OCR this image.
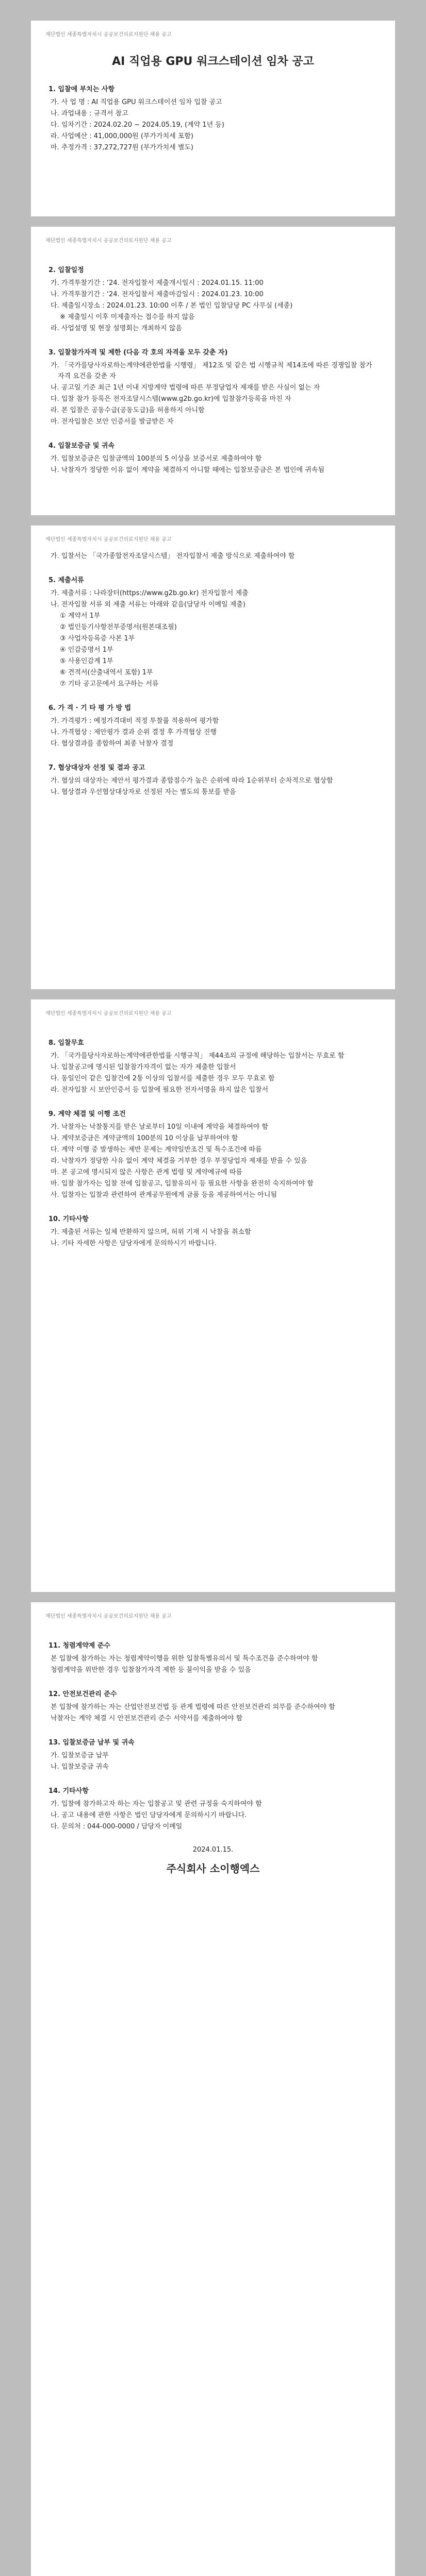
재단법인 세종특별자치시 공공보건의료지원단 채용 공고
AI 직업용 GPU 워크스테이션 임차 공고
1. 입찰에 부치는 사항
가. 사 업 명 : AI 직업용 GPU 워크스테이션 임차 입찰 공고
나. 과업내용 : 규격서 참고
다. 임차기간 : 2024.02.20 ~ 2024.05.19, (계약 1년 등)
라. 사업예산 : 41,000,000원 (부가가치세 포함)
마. 추정가격 : 37,272,727원 (부가가치세 별도)
재단법인 세종특별자치시 공공보건의료지원단 채용 공고
2. 입찰일정
가. 가격투찰기간 : ‘24. 전자입찰서 제출개시일시 : 2024.01.15. 11:00
나. 가격투찰기간 : ‘24. 전자입찰서 제출마감일시 : 2024.01.23. 10:00
다. 제출일시장소 : 2024.01.23. 10:00 이후 / 본 법인 입찰담당 PC 사무실 (세종)
※ 제출일시 이후 미제출자는 접수를 하지 않음
라. 사업설명 및 현장 설명회는 개최하지 않음
3. 입찰참가자격 및 제한 (다음 각 호의 자격을 모두 갖춘 자)
가. 「국가를당사자로하는계약에관한법률 시행령」 제12조 및 같은 법 시행규칙 제14조에 따른 경쟁입찰 참가자격 요건을 갖춘 자
나. 공고일 기준 최근 1년 이내 지방계약 법령에 따른 부정당업자 제재를 받은 사실이 없는 자
다. 입찰 참가 등록은 전자조달시스템(www.g2b.go.kr)에 입찰참가등록을 마친 자
라. 본 입찰은 공동수급(공동도급)을 허용하지 아니함
마. 전자입찰은 보안 인증서를 발급받은 자
4. 입찰보증금 및 귀속
가. 입찰보증금은 입찰금액의 100분의 5 이상을 보증서로 제출하여야 함
나. 낙찰자가 정당한 이유 없이 계약을 체결하지 아니할 때에는 입찰보증금은 본 법인에 귀속됨
재단법인 세종특별자치시 공공보건의료지원단 채용 공고
가. 입찰서는 「국가종합전자조달시스템」 전자입찰서 제출 방식으로 제출하여야 함
5. 제출서류
가. 제출서류 : 나라장터(https://www.g2b.go.kr) 전자입찰서 제출
나. 전자입찰 서류 외 제출 서류는 아래와 같음(담당자 이메일 제출)
① 계약서 1부
② 법인등기사항전부증명서(원본대조필)
③ 사업자등록증 사본 1부
④ 인감증명서 1부
⑤ 사용인감계 1부
⑥ 견적서(산출내역서 포함) 1부
⑦ 기타 공고문에서 요구하는 서류
6. 가 격 · 기 타 평 가 방 법
가. 가격평가 : 예정가격대비 적정 투찰률 적용하여 평가함
나. 가격협상 : 제안평가 결과 순위 결정 후 가격협상 진행
다. 협상결과를 종합하여 최종 낙찰자 결정
7. 협상대상자 선정 및 결과 공고
가. 협상의 대상자는 제안서 평가결과 종합점수가 높은 순위에 따라 1순위부터 순차적으로 협상함
나. 협상결과 우선협상대상자로 선정된 자는 별도의 통보를 받음
재단법인 세종특별자치시 공공보건의료지원단 채용 공고
8. 입찰무효
가. 「국가를당사자로하는계약에관한법률 시행규칙」 제44조의 규정에 해당하는 입찰서는 무효로 함
나. 입찰공고에 명시된 입찰참가자격이 없는 자가 제출한 입찰서
다. 동일인이 같은 입찰건에 2통 이상의 입찰서를 제출한 경우 모두 무효로 함
라. 전자입찰 시 보안인증서 등 입찰에 필요한 전자서명을 하지 않은 입찰서
9. 계약 체결 및 이행 조건
가. 낙찰자는 낙찰통지를 받은 날로부터 10일 이내에 계약을 체결하여야 함
나. 계약보증금은 계약금액의 100분의 10 이상을 납부하여야 함
다. 계약 이행 중 발생하는 제반 문제는 계약일반조건 및 특수조건에 따름
라. 낙찰자가 정당한 사유 없이 계약 체결을 거부한 경우 부정당업자 제재를 받을 수 있음
마. 본 공고에 명시되지 않은 사항은 관계 법령 및 계약예규에 따름
바. 입찰 참가자는 입찰 전에 입찰공고, 입찰유의서 등 필요한 사항을 완전히 숙지하여야 함
사. 입찰자는 입찰과 관련하여 관계공무원에게 금품 등을 제공하여서는 아니됨
10. 기타사항
가. 제출된 서류는 일체 반환하지 않으며, 허위 기재 시 낙찰을 취소함
나. 기타 자세한 사항은 담당자에게 문의하시기 바랍니다.
재단법인 세종특별자치시 공공보건의료지원단 채용 공고
11. 청렴계약제 준수
본 입찰에 참가하는 자는 청렴계약이행을 위한 입찰특별유의서 및 특수조건을 준수하여야 함
청렴계약을 위반한 경우 입찰참가자격 제한 등 불이익을 받을 수 있음
12. 안전보건관리 준수
본 입찰에 참가하는 자는 산업안전보건법 등 관계 법령에 따른 안전보건관리 의무를 준수하여야 함
낙찰자는 계약 체결 시 안전보건관리 준수 서약서를 제출하여야 함
13. 입찰보증금 납부 및 귀속
가. 입찰보증금 납부
나. 입찰보증금 귀속
14. 기타사항
가. 입찰에 참가하고자 하는 자는 입찰공고 및 관련 규정을 숙지하여야 함
나. 공고 내용에 관한 사항은 법인 담당자에게 문의하시기 바랍니다.
다. 문의처 : 044-000-0000 / 담당자 이메일
2024.01.15.
주식회사 소이행엑스
